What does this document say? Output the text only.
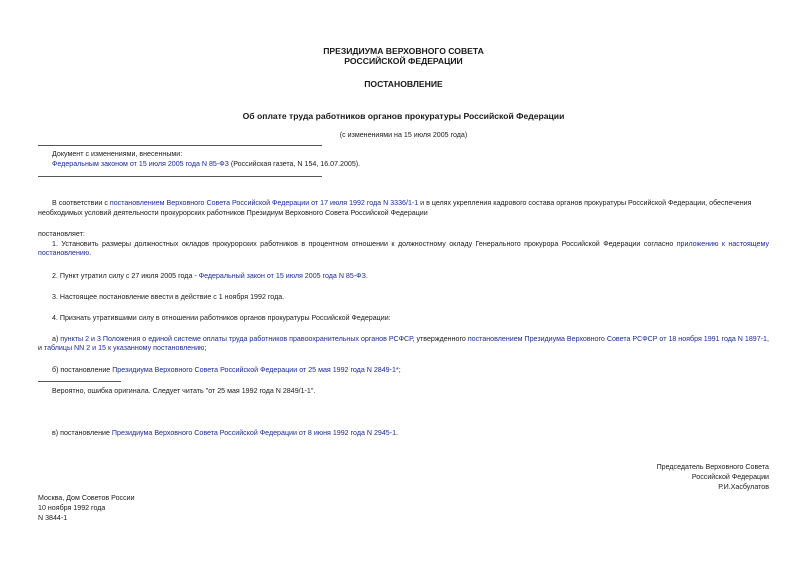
ПРЕЗИДИУМА ВЕРХОВНОГО СОВЕТА
РОССИЙСКОЙ ФЕДЕРАЦИИ
ПОСТАНОВЛЕНИЕ
Об оплате труда работников органов прокуратуры Российской Федерации
(с изменениями на 15 июля 2005 года)
Документ с изменениями, внесенными:
Федеральным законом от 15 июля 2005 года N 85-ФЗ (Российская газета, N 154, 16.07.2005).
В соответствии с постановлением Верховного Совета Российской Федерации от 17 июля 1992 года N 3336/1-1 и в целях укрепления кадрового состава органов прокуратуры Российской Федерации, обеспечения
необходимых условий деятельности прокурорских работников Президиум Верховного Совета Российской Федерации
постановляет:
1. Установить размеры должностных окладов прокурорских работников в процентном отношении к должностному окладу Генерального прокурора Российской Федерации согласно приложению к настоящему постановлению.
2. Пункт утратил силу с 27 июля 2005 года - Федеральный закон от 15 июля 2005 года N 85-ФЗ.
3. Настоящее постановление ввести в действие с 1 ноября 1992 года.
4. Признать утратившими силу в отношении работников органов прокуратуры Российской Федерации:
а) пункты 2 и 3 Положения о единой системе оплаты труда работников правоохранительных органов РСФСР, утвержденного постановлением Президиума Верховного Совета РСФСР от 18 ноября 1991 года N 1897-1, и таблицы NN 2 и 15 к указанному постановлению;
б) постановление Президиума Верховного Совета Российской Федерации от 25 мая 1992 года N 2849-1*;
Вероятно, ошибка оригинала. Следует читать "от 25 мая 1992 года N 2849/1-1".
в) постановление Президиума Верховного Совета Российской Федерации от 8 июня 1992 года N 2945-1.
Председатель Верховного Совета
Российской Федерации
Р.И.Хасбулатов
Москва, Дом Советов России
10 ноября 1992 года
N 3844-1
